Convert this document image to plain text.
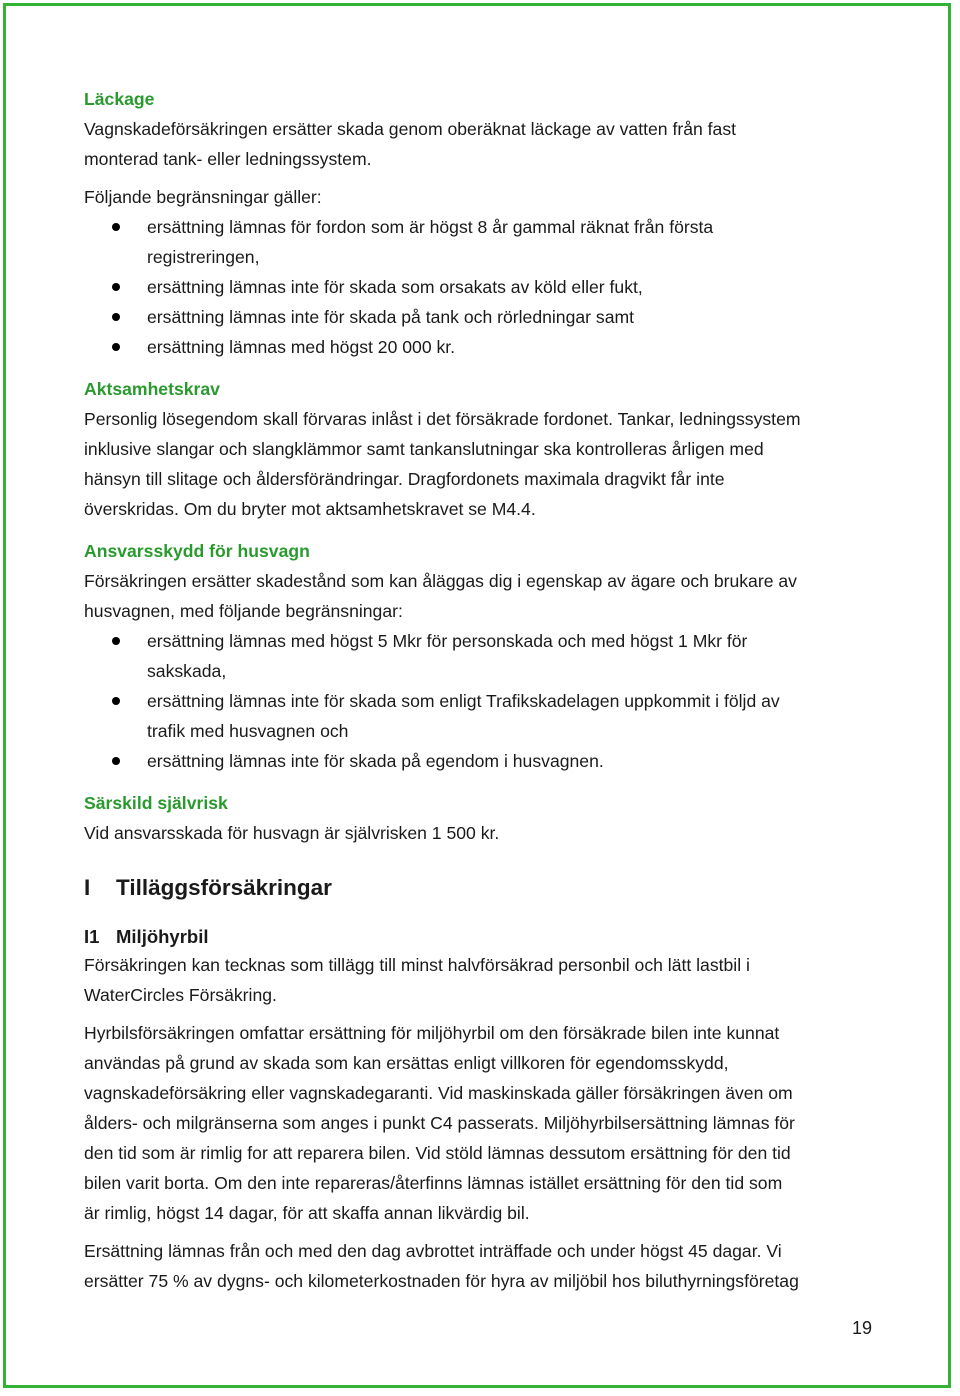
Läckage

Vagnskadeförsäkringen ersätter skada genom oberäknat läckage av vatten från fast

monterad tank- eller ledningssystem.

Följande begränsningar gäller:

ersättning lämnas för fordon som är högst 8 år gammal räknat från första
registreringen,
ersättning lämnas inte för skada som orsakats av köld eller fukt,
ersättning lämnas inte för skada på tank och rörledningar samt
ersättning lämnas med högst 20 000 kr.

Aktsamhetskrav

Personlig lösegendom skall förvaras inlåst i det försäkrade fordonet. Tankar, ledningssystem

inklusive slangar och slangklämmor samt tankanslutningar ska kontrolleras årligen med

hänsyn till slitage och åldersförändringar. Dragfordonets maximala dragvikt får inte

överskridas. Om du bryter mot aktsamhetskravet se M4.4.

Ansvarsskydd för husvagn

Försäkringen ersätter skadestånd som kan åläggas dig i egenskap av ägare och brukare av

husvagnen, med följande begränsningar:

ersättning lämnas med högst 5 Mkr för personskada och med högst 1 Mkr för
sakskada,
ersättning lämnas inte för skada som enligt Trafikskadelagen uppkommit i följd av
trafik med husvagnen och
ersättning lämnas inte för skada på egendom i husvagnen.

Särskild självrisk

Vid ansvarsskada för husvagn är självrisken 1 500 kr.

I Tilläggsförsäkringar
I1 Miljöhyrbil

Försäkringen kan tecknas som tillägg till minst halvförsäkrad personbil och lätt lastbil i

WaterCircles Försäkring.

Hyrbilsförsäkringen omfattar ersättning för miljöhyrbil om den försäkrade bilen inte kunnat

användas på grund av skada som kan ersättas enligt villkoren för egendomsskydd,

vagnskadeförsäkring eller vagnskadegaranti. Vid maskinskada gäller försäkringen även om

ålders- och milgränserna som anges i punkt C4 passerats. Miljöhyrbilsersättning lämnas för

den tid som är rimlig for att reparera bilen. Vid stöld lämnas dessutom ersättning för den tid

bilen varit borta. Om den inte repareras/återfinns lämnas istället ersättning för den tid som

är rimlig, högst 14 dagar, för att skaffa annan likvärdig bil.

Ersättning lämnas från och med den dag avbrottet inträffade och under högst 45 dagar. Vi

ersätter 75 % av dygns- och kilometerkostnaden för hyra av miljöbil hos biluthyrningsföretag

19
